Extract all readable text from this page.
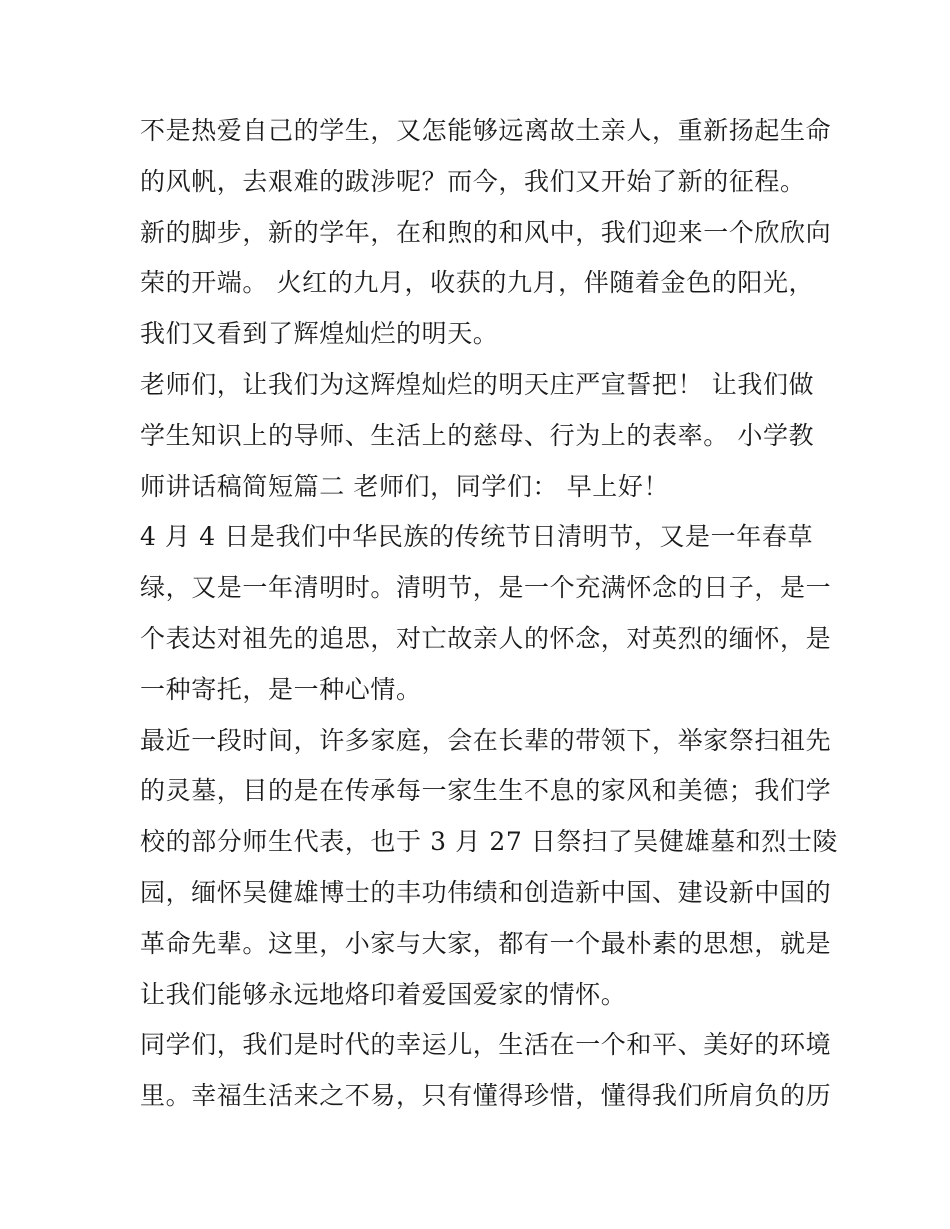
不是热爱自己的学生，又怎能够远离故土亲人，重新扬起生命
的风帆，去艰难的跋涉呢？而今，我们又开始了新的征程。
新的脚步，新的学年，在和煦的和风中，我们迎来一个欣欣向
荣的开端。 火红的九月，收获的九月，伴随着金色的阳光，
我们又看到了辉煌灿烂的明天。
老师们，让我们为这辉煌灿烂的明天庄严宣誓把！ 让我们做
学生知识上的导师、生活上的慈母、行为上的表率。 小学教
师讲话稿简短篇二 老师们，同学们： 早上好！
4 月 4 日是我们中华民族的传统节日清明节，又是一年春草
绿，又是一年清明时。清明节，是一个充满怀念的日子，是一
个表达对祖先的追思，对亡故亲人的怀念，对英烈的缅怀，是
一种寄托，是一种心情。
最近一段时间，许多家庭，会在长辈的带领下，举家祭扫祖先
的灵墓，目的是在传承每一家生生不息的家风和美德；我们学
校的部分师生代表，也于 3 月 27 日祭扫了吴健雄墓和烈士陵
园，缅怀吴健雄博士的丰功伟绩和创造新中国、建设新中国的
革命先辈。这里，小家与大家，都有一个最朴素的思想，就是
让我们能够永远地烙印着爱国爱家的情怀。
同学们，我们是时代的幸运儿，生活在一个和平、美好的环境
里。幸福生活来之不易，只有懂得珍惜，懂得我们所肩负的历
